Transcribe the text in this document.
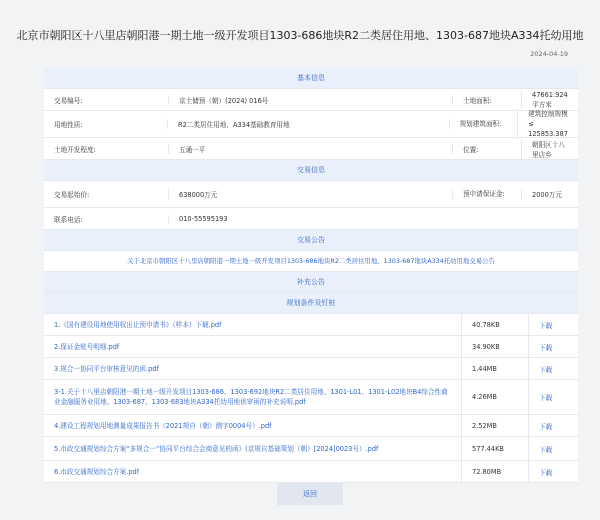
北京市朝阳区十八里店朝阳港一期土地一级开发项目1303-686地块R2二类居住用地、1303-687地块A334托幼用地
2024-04-19
基本信息
交易编号:	京土储预（朝）(2024) 016号	土地面积:
47661.924平方米
用地性质:	R2二类居住用地、A334基础教育用地	规划建筑面积:
建筑控制规模 ≤ 125853.387
土地开发程度:	五通一平	位置:
朝阳区十八里店乡
交易信息
交易起始价:	638000万元	预申请保证金:	2000万元
联系电话:	010-55595193
交易公告
关于北京市朝阳区十八里店朝阳港一期土地一级开发项目1303-686地块R2二类居住用地、1303-687地块A334托幼用地交易公告
补充公告
规划条件及钉桩
1.《国有建设用地使用权出让预申请书》（样本）下载.pdf	40.78KB	下载
2.保证金账号明细.pdf	34.90KB	下载
3.规合一协同平台审核意见的函.pdf	1.44MB	下载
3-1.关于十八里店朝阳港一期土地一级开发项目1303-686、1303-692地块R2二类居住用地、1301-L01、1301-L02地块B4综合性商业金融服务业用地、1303-687、1303-683地块A334托幼用地供审函的补充说明.pdf
4.26MB	下载
4.建设工程规划用地测量成果报告书（2021规自（朝）测字0004号）.pdf	2.52MB	下载
5.市政交通规划综合方案“多规合一”协同平台综合会商意见的函》(京规自基础策划（朝）[2024]0023号）.pdf	577.44KB	下载
6.市政交通规划综合方案.pdf	72.80MB	下载
返回
